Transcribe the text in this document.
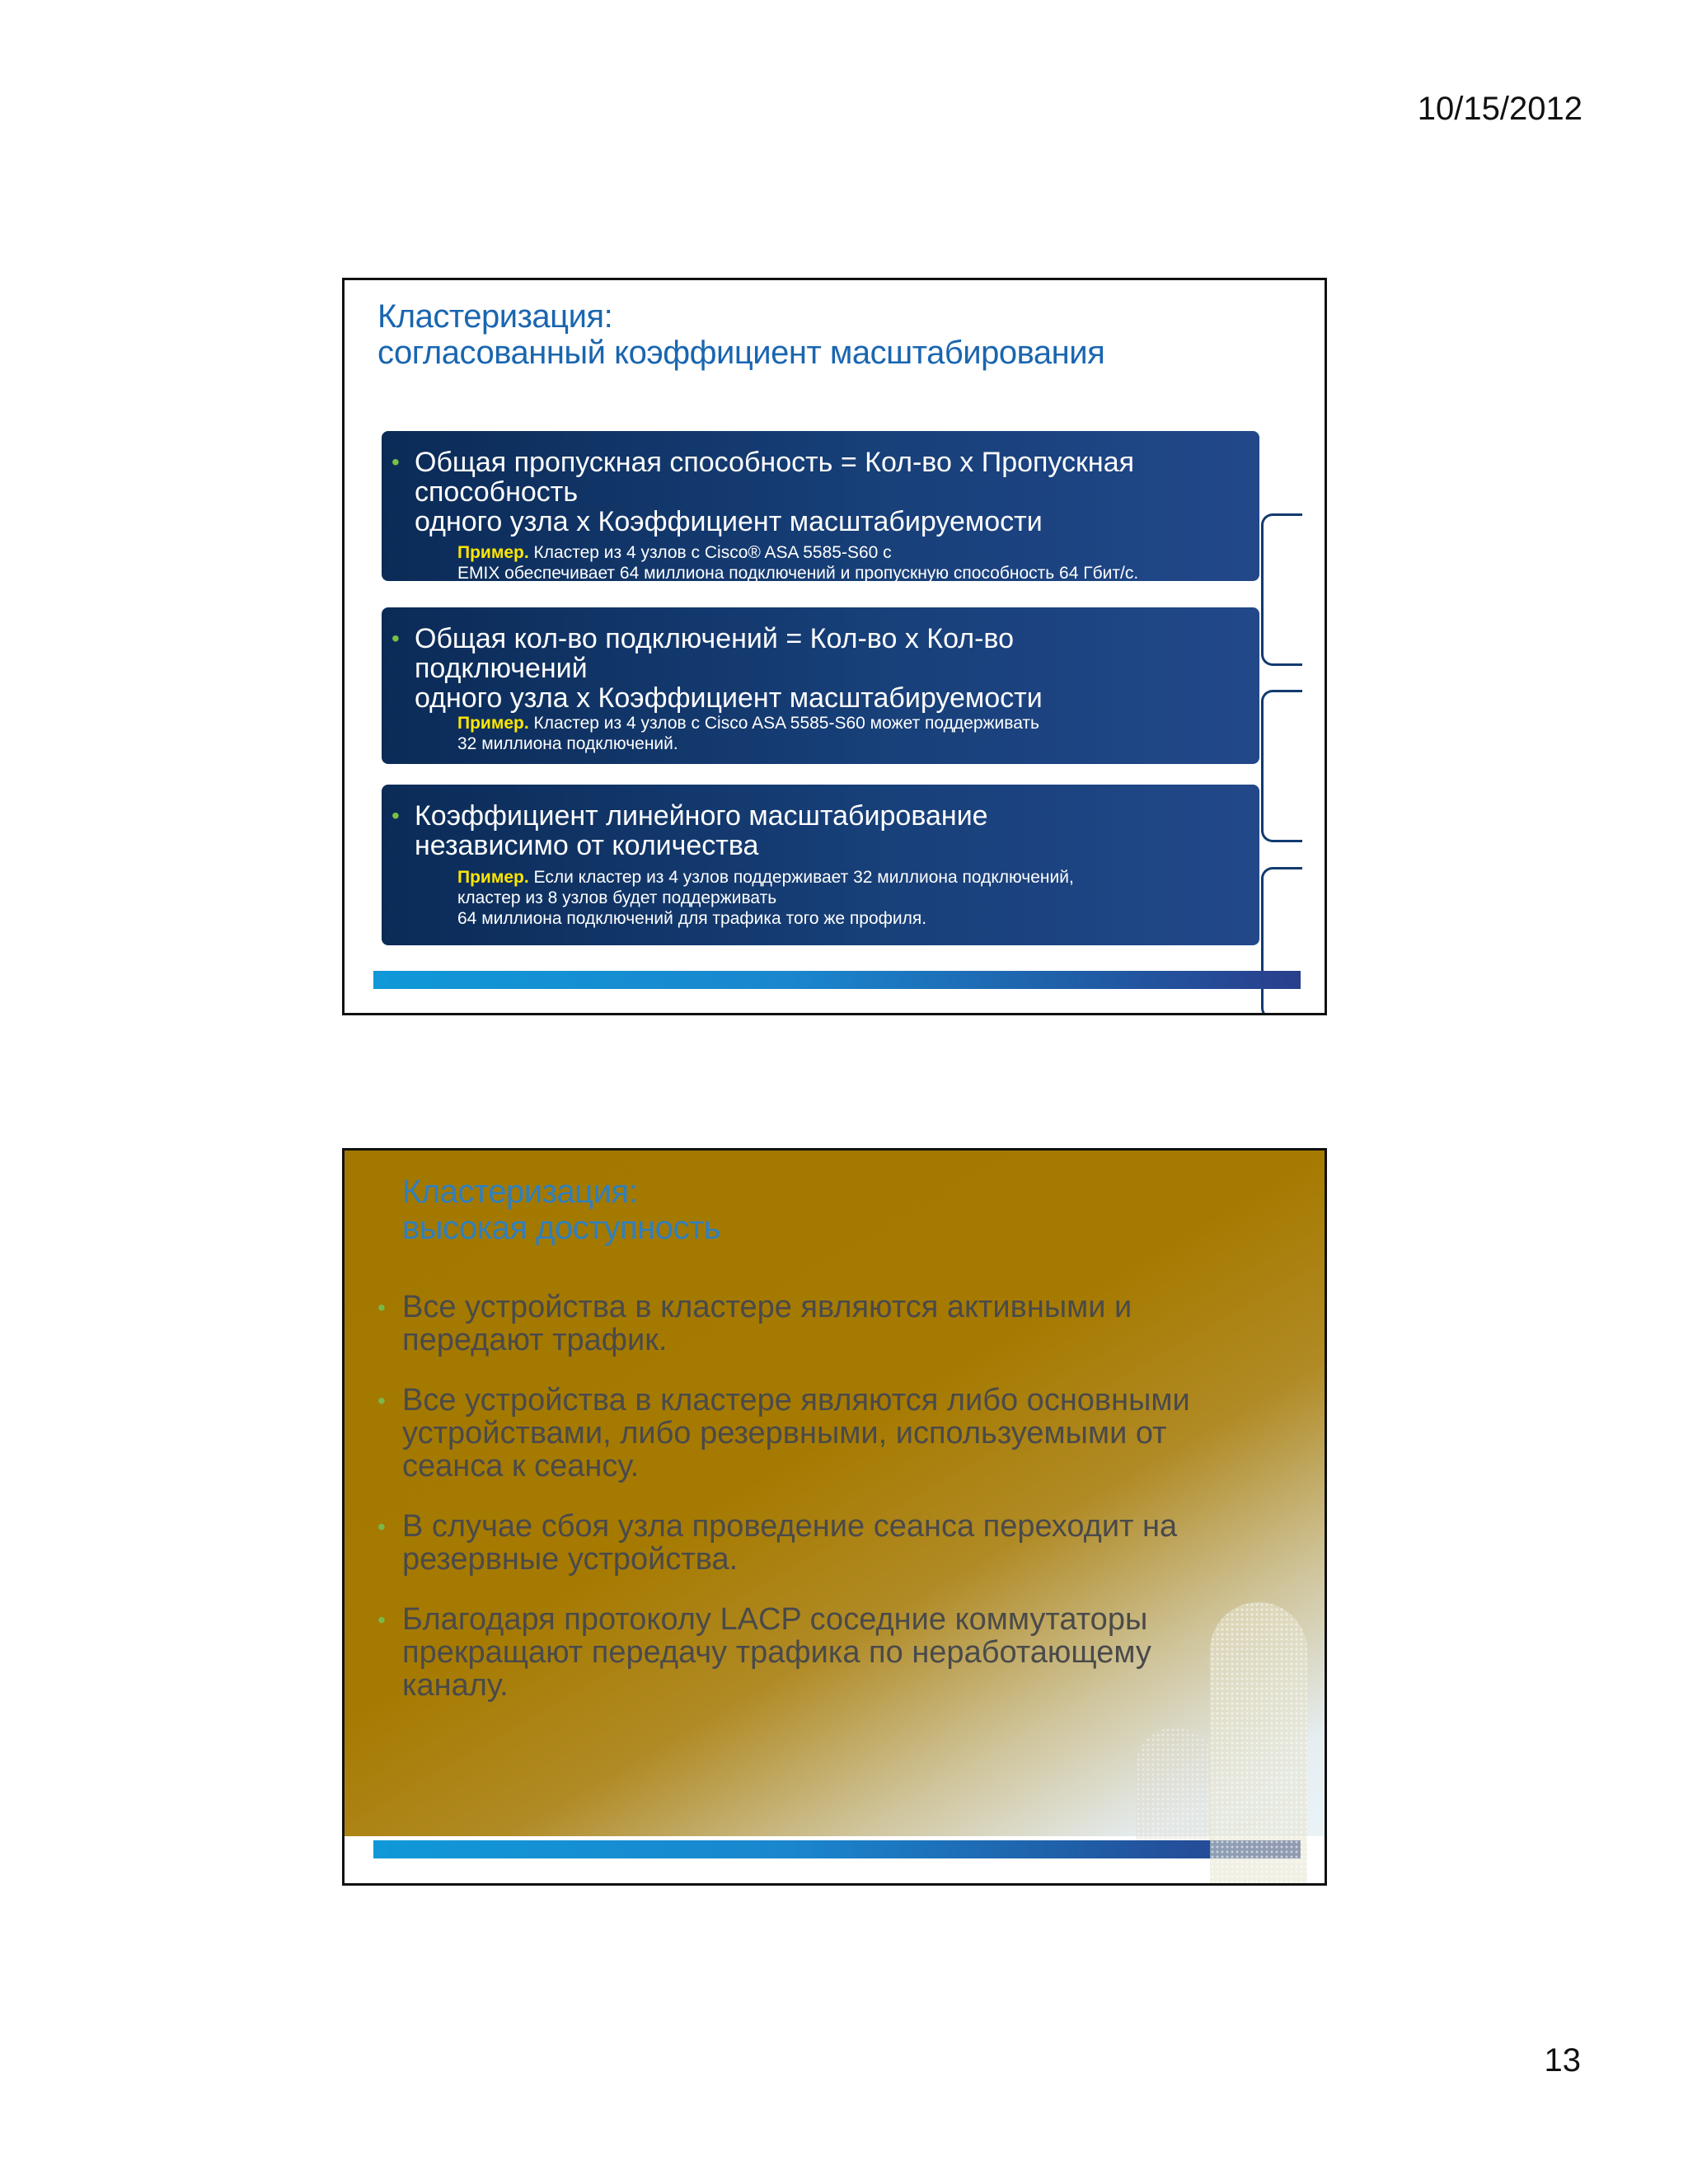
10/15/2012
Кластеризация:
согласованный коэффициент масштабирования
• Общая пропускная способность = Кол-во x Пропускная
способность
одного узла x Коэффициент масштабируемости
Пример. Кластер из 4 узлов с Cisco® ASA 5585-S60 с
EMIX обеспечивает 64 миллиона подключений и пропускную способность 64 Гбит/с.
• Общая кол-во подключений = Кол-во x Кол-во
подключений
одного узла x Коэффициент масштабируемости
Пример. Кластер из 4 узлов с Cisco ASA 5585-S60 может поддерживать
32 миллиона подключений.
• Коэффициент линейного масштабирование
независимо от количества
Пример. Если кластер из 4 узлов поддерживает 32 миллиона подключений,
кластер из 8 узлов будет поддерживать
64 миллиона подключений для трафика того же профиля.
Кластеризация:
высокая доступность
• Все устройства в кластере являются активными и
передают трафик.
• Все устройства в кластере являются либо основными
устройствами, либо резервными, используемыми от
сеанса к сеансу.
• В случае сбоя узла проведение сеанса переходит на
резервные устройства.
• Благодаря протоколу LACP соседние коммутаторы
прекращают передачу трафика по неработающему
каналу.
13
